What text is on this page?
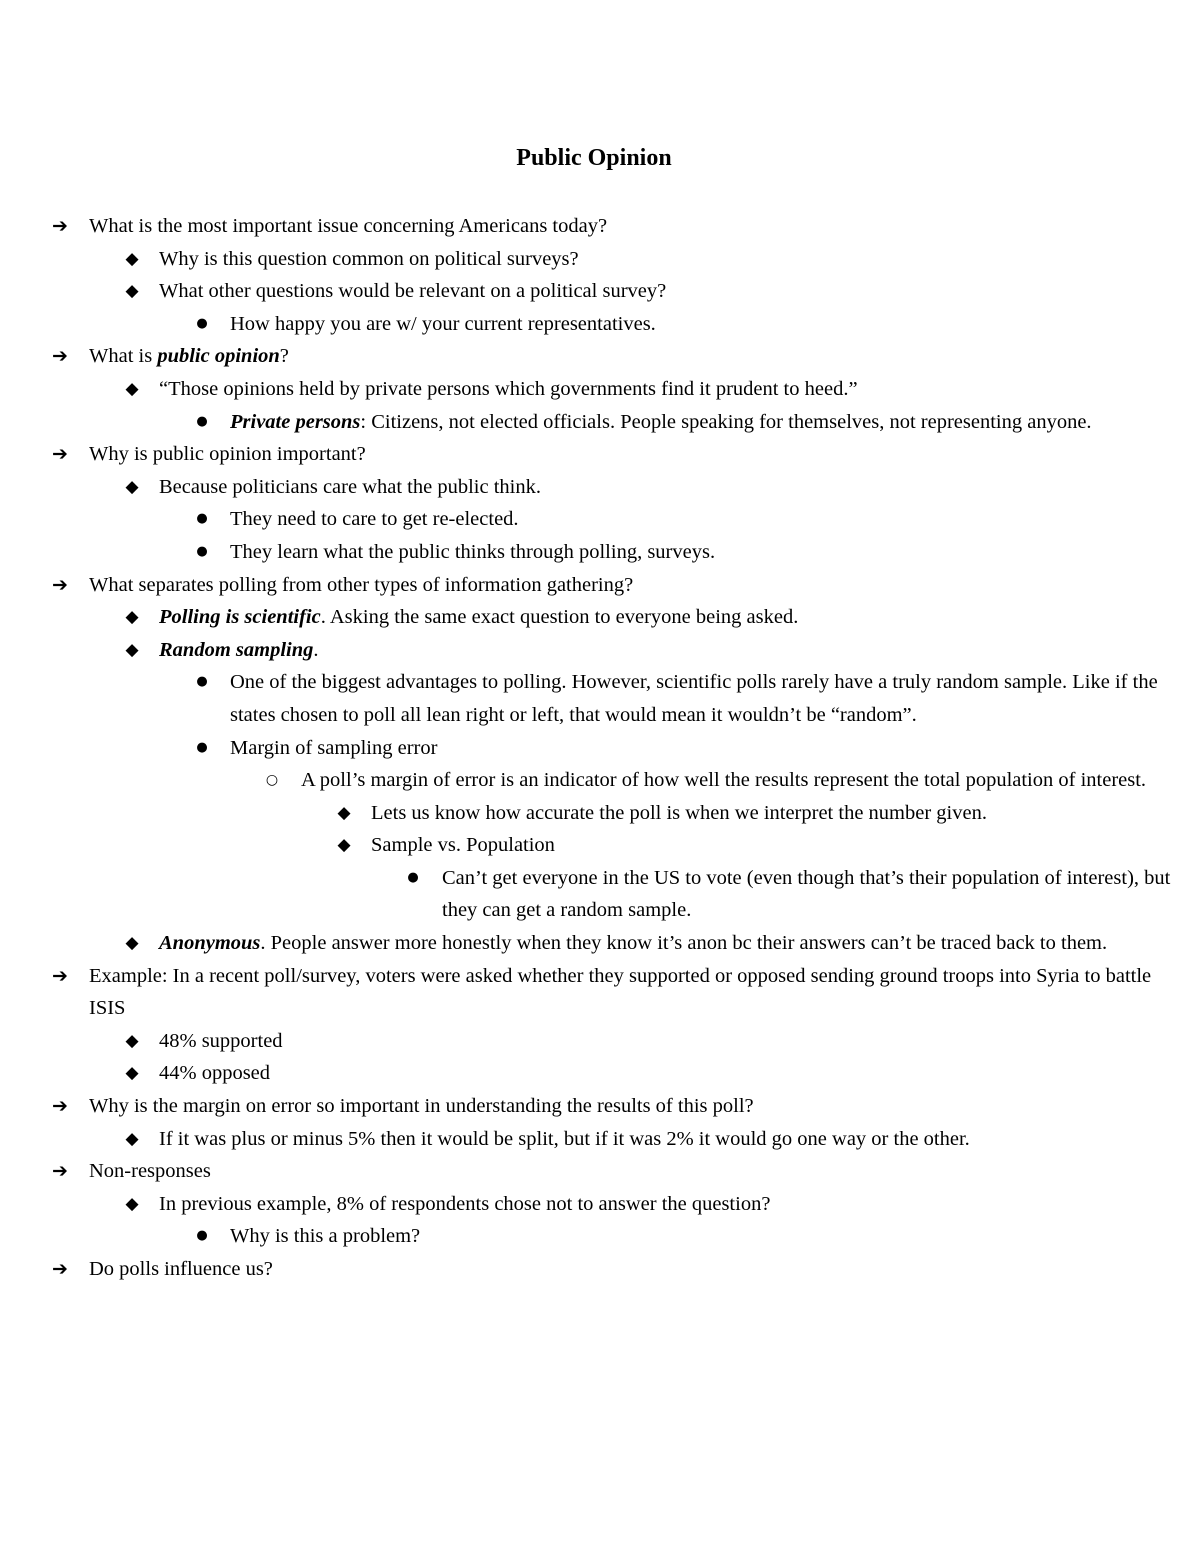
Public Opinion
➔ What is the most important issue concerning Americans today?
◆ Why is this question common on political surveys?
◆ What other questions would be relevant on a political survey?
●	How happy you are w/ your current representatives.
➔ What is public opinion?
◆ “Those opinions held by private persons which governments find it prudent to heed.”
●	Private persons: Citizens, not elected officials. People speaking for themselves, not representing anyone.
➔ Why is public opinion important?
◆ Because politicians care what the public think.
●	They need to care to get re-elected.
●	They learn what the public thinks through polling, surveys.
➔ What separates polling from other types of information gathering?
◆ Polling is scientific. Asking the same exact question to everyone being asked.
◆ Random sampling.
●	One of the biggest advantages to polling. However, scientific polls rarely have a truly random sample. Like if the states chosen to poll all lean right or left, that would mean it wouldn’t be “random”.
●	Margin of sampling error
○ A poll’s margin of error is an indicator of how well the results represent the total population of interest.
◆ Lets us know how accurate the poll is when we interpret the number given.
◆ Sample vs. Population
●	Can’t get everyone in the US to vote (even though that’s their population of interest), but they can get a random sample.
◆ Anonymous. People answer more honestly when they know it’s anon bc their answers can’t be traced back to them.
➔ Example: In a recent poll/survey, voters were asked whether they supported or opposed sending ground troops into Syria to battle ISIS
◆ 48% supported
◆ 44% opposed
➔ Why is the margin on error so important in understanding the results of this poll?
◆ If it was plus or minus 5% then it would be split, but if it was 2% it would go one way or the other.
➔ Non-responses
◆ In previous example, 8% of respondents chose not to answer the question?
●	Why is this a problem?
➔ Do polls influence us?
